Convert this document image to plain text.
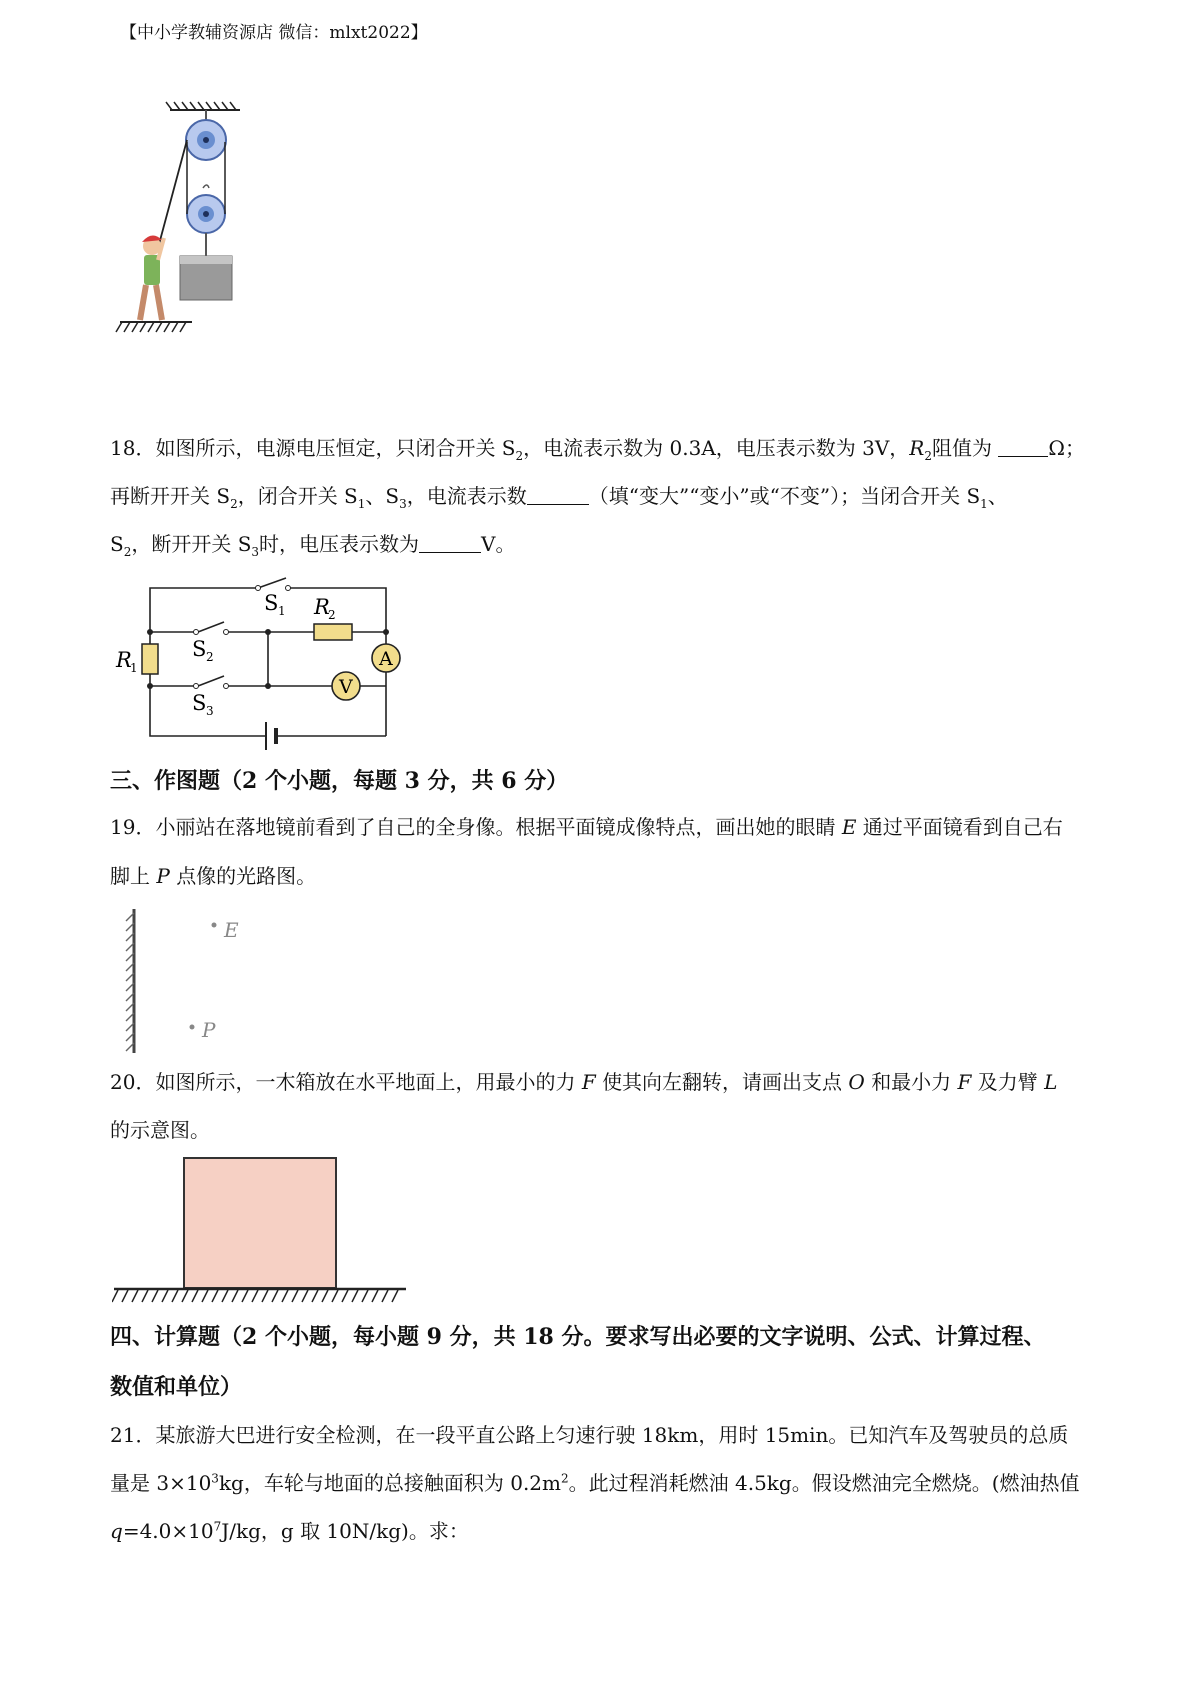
【中小学教辅资源店 微信：mlxt2022】
18．如图所示，电源电压恒定，只闭合开关 $S_2$，电流表示数为 0.3A，电压表示数为 3V，$R_2$阻值为	Ω；
再断开开关 $S_2$，闭合开关 $S_1$、$S_3$，电流表示数	（填“变大”“变小”或“不变”）；当闭合开关 $S_1$、
$S_2$，断开开关 $S_3$时，电压表示数为	V。
A
V
S 1
S 2
S 3
R
1
R
2
三、作图题（2 个小题，每题 3 分，共 6 分）
19．小丽站在落地镜前看到了自己的全身像。根据平面镜成像特点，画出她的眼睛 E 通过平面镜看到自己右
脚上 P 点像的光路图。
E
P
20．如图所示，一木箱放在水平地面上，用最小的力 F 使其向左翻转，请画出支点 O 和最小力 F 及力臂 L
的示意图。
四、计算题（2 个小题，每小题 9 分，共 18 分。要求写出必要的文字说明、公式、计算过程、
数值和单位）
21．某旅游大巴进行安全检测，在一段平直公路上匀速行驶 18km，用时 15min。已知汽车及驾驶员的总质
量是 $3\times 10^3kg$，车轮与地面的总接触面积为 $0.2m^2$。此过程消耗燃油 4.5kg。假设燃油完全燃烧。(燃油热值
$q=4.0\times 10^7J/kg$，g 取 10N/kg)。求：
